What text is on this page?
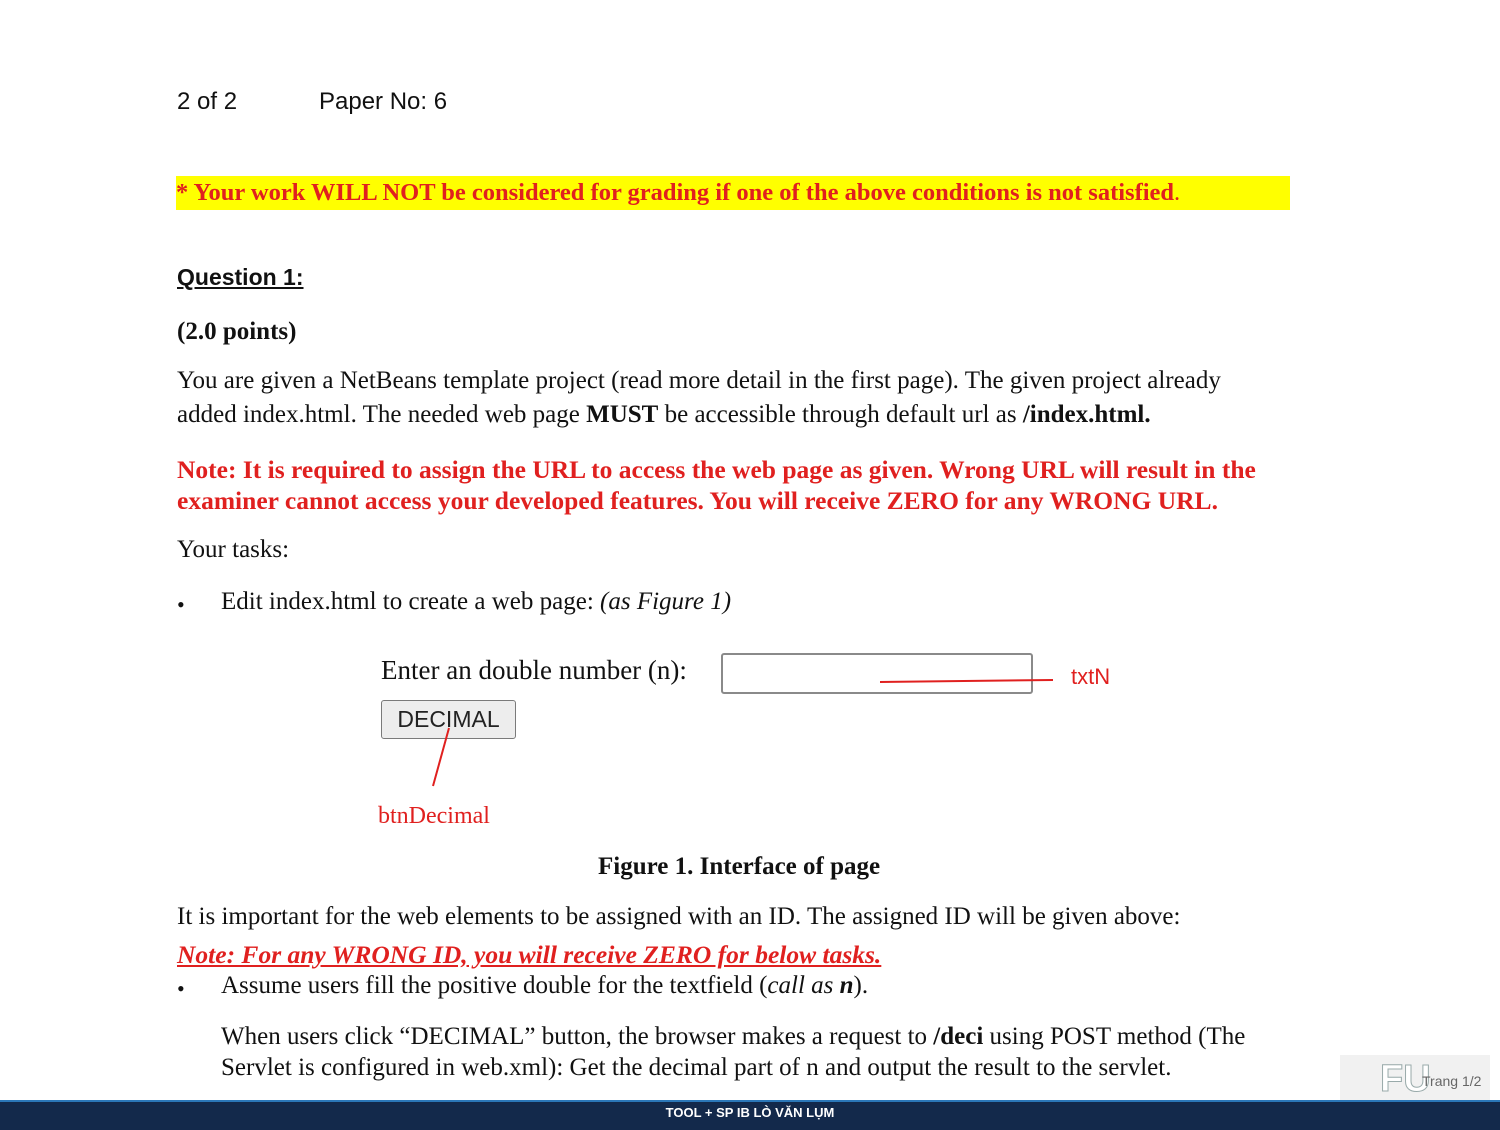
2 of 2	Paper No: 6
* Your work WILL NOT be considered for grading if one of the above conditions is not satisfied.
Question 1:
(2.0 points)
You are given a NetBeans template project (read more detail in the first page). The given project already
added index.html. The needed web page MUST be accessible through default url as /index.html.
Note: It is required to assign the URL to access the web page as given. Wrong URL will result in the
examiner cannot access your developed features. You will receive ZERO for any WRONG URL.
Your tasks:
• Edit index.html to create a web page: (as Figure 1)
Enter an double number (n):
DECIMAL
txtN
btnDecimal
Figure 1. Interface of page
It is important for the web elements to be assigned with an ID. The assigned ID will be given above:
Note: For any WRONG ID, you will receive ZERO for below tasks.
• Assume users fill the positive double for the textfield (call as n).
When users click “DECIMAL” button, the browser makes a request to /deci using POST method (The
Servlet is configured in web.xml): Get the decimal part of n and output the result to the servlet.	FU
Trang 1/2
TOOL + SP IB LÒ VĂN LỤM
